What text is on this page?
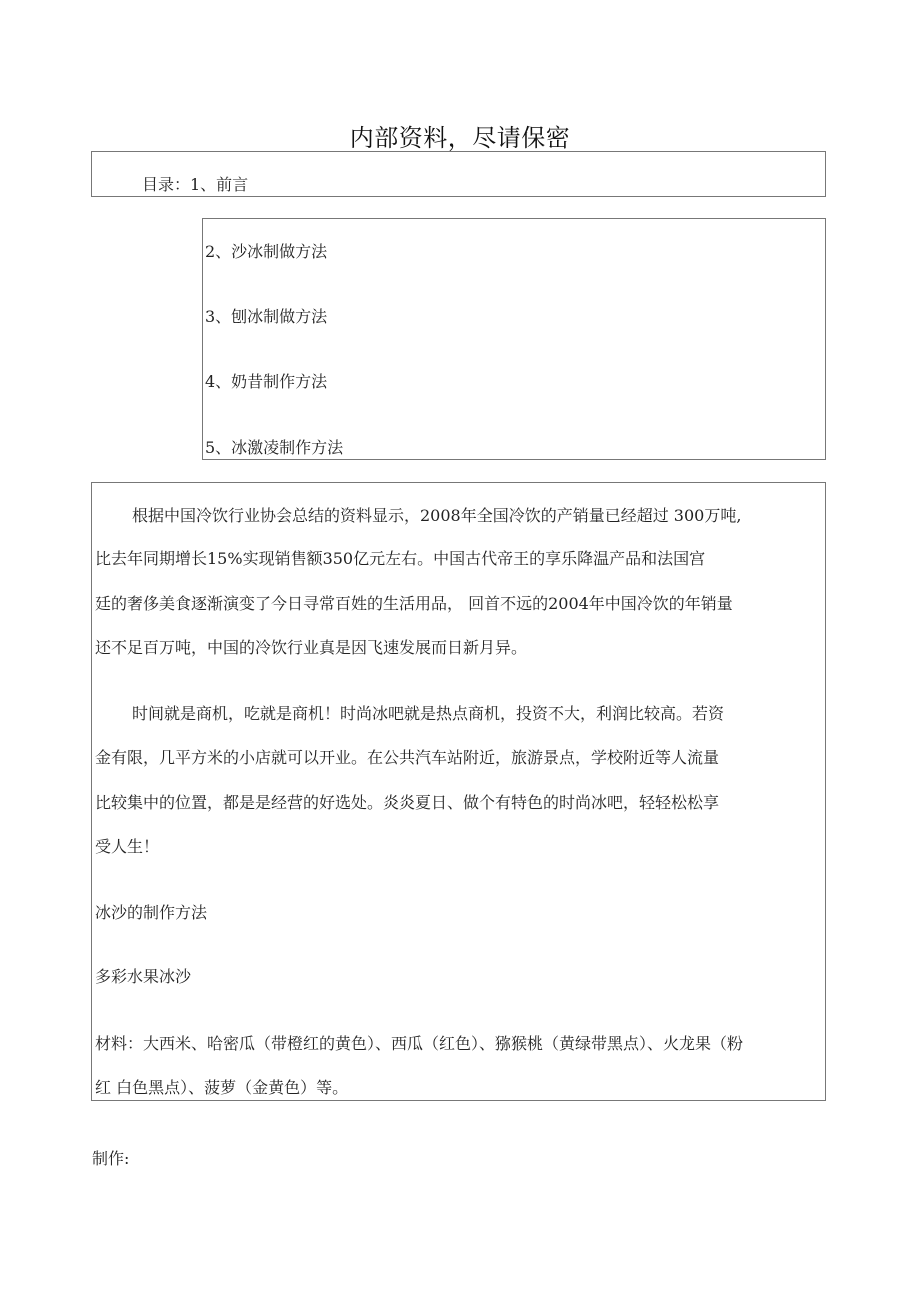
内部资料，尽请保密
目录：1、前言
2、沙冰制做方法
3、刨冰制做方法
4、奶昔制作方法
5、冰激凌制作方法
根据中国冷饮行业协会总结的资料显示，2008年全国冷饮的产销量已经超过 300万吨,
比去年同期增长15%实现销售额350亿元左右。中国古代帝王的享乐降温产品和法国宫
廷的奢侈美食逐渐演变了今日寻常百姓的生活用品， 回首不远的2004年中国冷饮的年销量
还不足百万吨，中国的冷饮行业真是因飞速发展而日新月异。
时间就是商机，吃就是商机！时尚冰吧就是热点商机，投资不大，利润比较高。若资
金有限，几平方米的小店就可以开业。在公共汽车站附近，旅游景点，学校附近等人流量
比较集中的位置，都是是经营的好选处。炎炎夏日、做个有特色的时尚冰吧，轻轻松松享
受人生！
冰沙的制作方法
多彩水果冰沙
材料：大西米、哈密瓜（带橙红的黄色）、西瓜（红色）、猕猴桃（黄绿带黑点）、火龙果（粉
红 白色黑点）、菠萝（金黄色）等。
制作:
